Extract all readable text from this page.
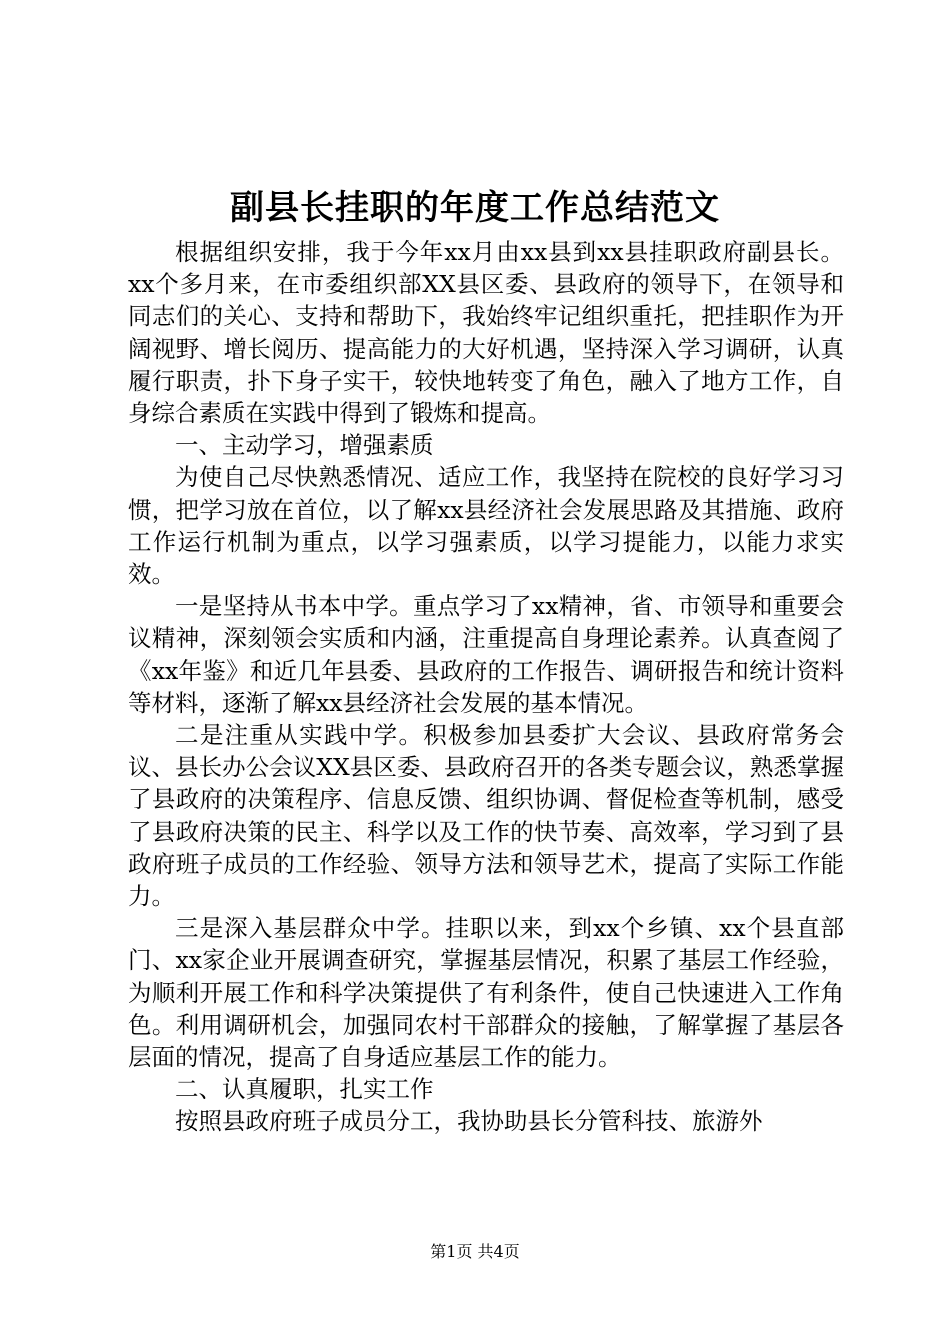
副县长挂职的年度工作总结范文

根据组织安排，我于今年xx月由xx县到xx县挂职政府副县长。xx个多月来，在市委组织部XX县区委、县政府的领导下，在领导和同志们的关心、支持和帮助下，我始终牢记组织重托，把挂职作为开阔视野、增长阅历、提高能力的大好机遇，坚持深入学习调研，认真履行职责，扑下身子实干，较快地转变了角色，融入了地方工作，自身综合素质在实践中得到了锻炼和提高。

一、主动学习，增强素质

为使自己尽快熟悉情况、适应工作，我坚持在院校的良好学习习惯，把学习放在首位，以了解xx县经济社会发展思路及其措施、政府工作运行机制为重点，以学习强素质，以学习提能力，以能力求实效。

一是坚持从书本中学。重点学习了xx精神，省、市领导和重要会议精神，深刻领会实质和内涵，注重提高自身理论素养。认真查阅了《xx年鉴》和近几年县委、县政府的工作报告、调研报告和统计资料等材料，逐渐了解xx县经济社会发展的基本情况。

二是注重从实践中学。积极参加县委扩大会议、县政府常务会议、县长办公会议XX县区委、县政府召开的各类专题会议，熟悉掌握了县政府的决策程序、信息反馈、组织协调、督促检查等机制，感受了县政府决策的民主、科学以及工作的快节奏、高效率，学习到了县政府班子成员的工作经验、领导方法和领导艺术，提高了实际工作能力。

三是深入基层群众中学。挂职以来，到xx个乡镇、xx个县直部门、xx家企业开展调查研究，掌握基层情况，积累了基层工作经验，为顺利开展工作和科学决策提供了有利条件，使自己快速进入工作角色。利用调研机会，加强同农村干部群众的接触，了解掌握了基层各层面的情况，提高了自身适应基层工作的能力。

二、认真履职，扎实工作

按照县政府班子成员分工，我协助县长分管科技、旅游外

第1页 共4页
